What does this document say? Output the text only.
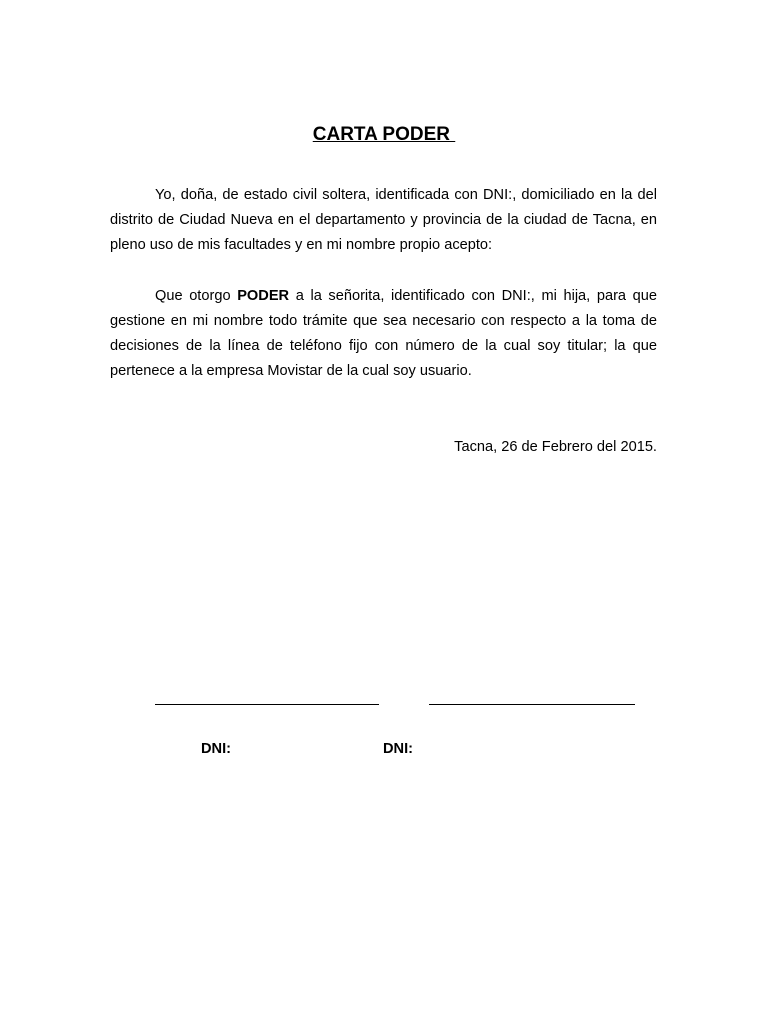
CARTA PODER

Yo, doña, de estado civil soltera, identificada con DNI:, domiciliado en la del distrito de Ciudad Nueva en el departamento y provincia de la ciudad de Tacna, en pleno uso de mis facultades y en mi nombre propio acepto:

Que otorgo PODER a la señorita, identificado con DNI:, mi hija, para que gestione en mi nombre todo trámite que sea necesario con respecto a la toma de decisiones de la línea de teléfono fijo con número de la cual soy titular; la que pertenece a la empresa Movistar de la cual soy usuario.

Tacna, 26 de Febrero del 2015.
DNI:	DNI:
